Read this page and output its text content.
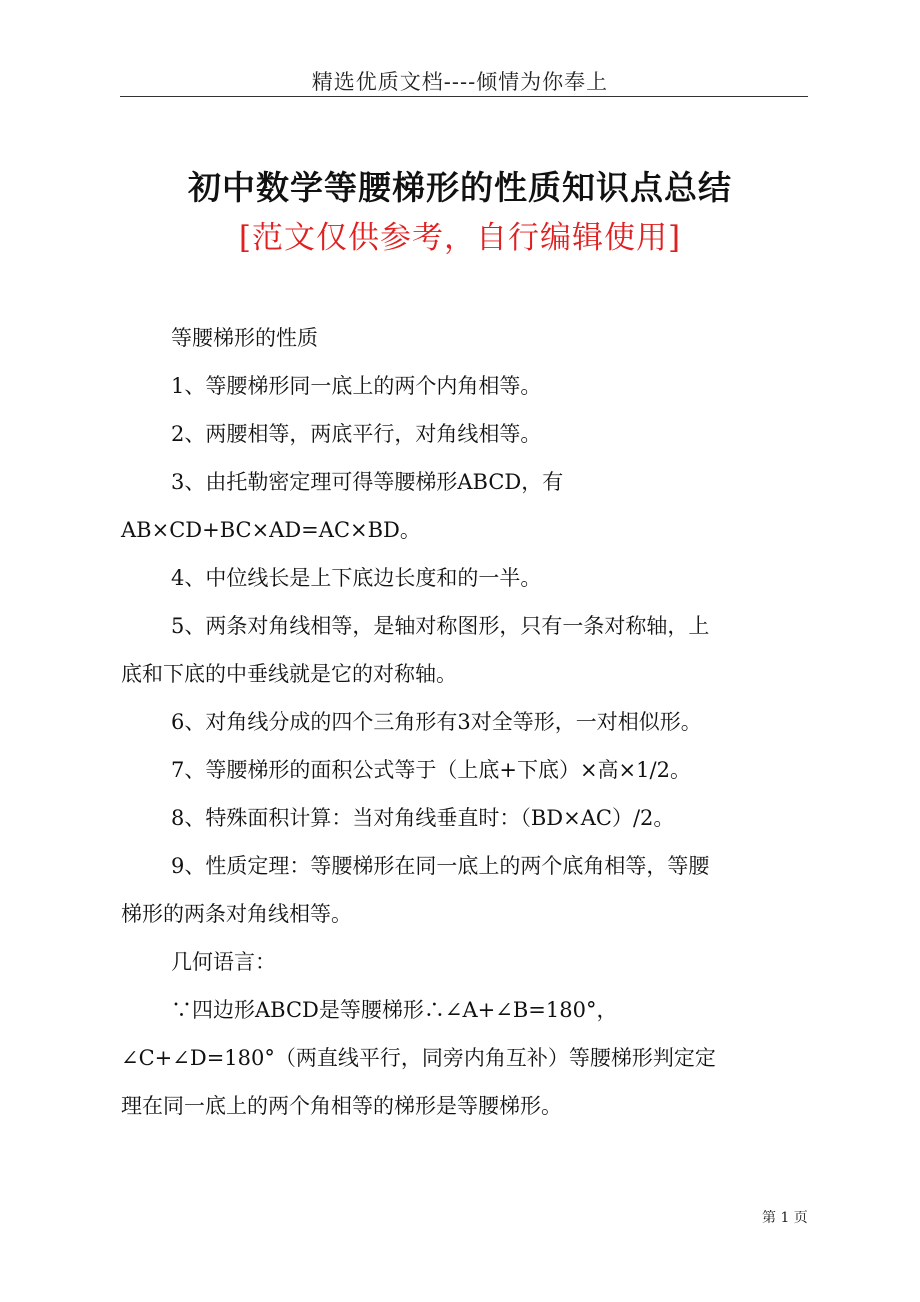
精选优质文档----倾情为你奉上
初中数学等腰梯形的性质知识点总结
[范文仅供参考，自行编辑使用]
等腰梯形的性质
1、等腰梯形同一底上的两个内角相等。
2、两腰相等，两底平行，对角线相等。
3、由托勒密定理可得等腰梯形ABCD，有
AB×CD+BC×AD=AC×BD。
4、中位线长是上下底边长度和的一半。
5、两条对角线相等，是轴对称图形，只有一条对称轴，上
底和下底的中垂线就是它的对称轴。
6、对角线分成的四个三角形有3对全等形，一对相似形。
7、等腰梯形的面积公式等于（上底+下底）×高×1/2。
8、特殊面积计算：当对角线垂直时：（BD×AC）/2。
9、性质定理：等腰梯形在同一底上的两个底角相等，等腰
梯形的两条对角线相等。
几何语言：
∵四边形ABCD是等腰梯形∴∠A+∠B=180°，
∠C+∠D=180°（两直线平行，同旁内角互补）等腰梯形判定定
理在同一底上的两个角相等的梯形是等腰梯形。
第 1 页
